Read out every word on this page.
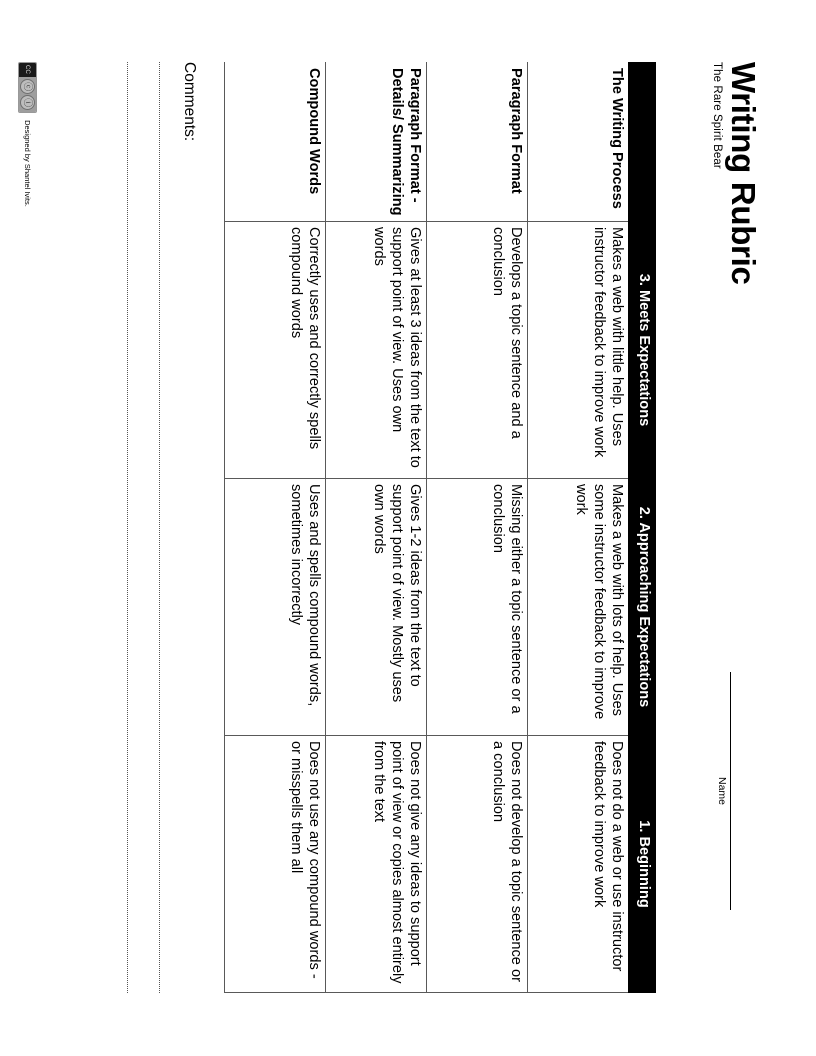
Writing Rubric
The Rare Spirit Bear
Name
	3. Meets Expectations	2. Approaching Expectations	1. Beginning
The Writing Process	Makes a web with little help. Uses instructor feedback to improve work	Makes a web with lots of help. Uses some instructor feedback to improve work	Does not do a web or use instructor feedback to improve work
Paragraph Format	Develops a topic sentence and a conclusion	Missing either a topic sentence or a conclusion	Does not develop a topic sentence or a conclusion
Paragraph Format - Details/ Summarizing	Gives at least 3 ideas from the text to support point of view. Uses own words	Gives 1-2 ideas from the text to support point of view. Mostly uses own words	Does not give any ideas to support point of view or copies almost entirely from the text
Compound Words	Correctly uses and correctly spells compound words	Uses and spells compound words, sometimes incorrectly	Does not use any compound words - or misspells them all
Comments:
CC
ⓒ
ⓘ
Designed by Shantel Ivits.
